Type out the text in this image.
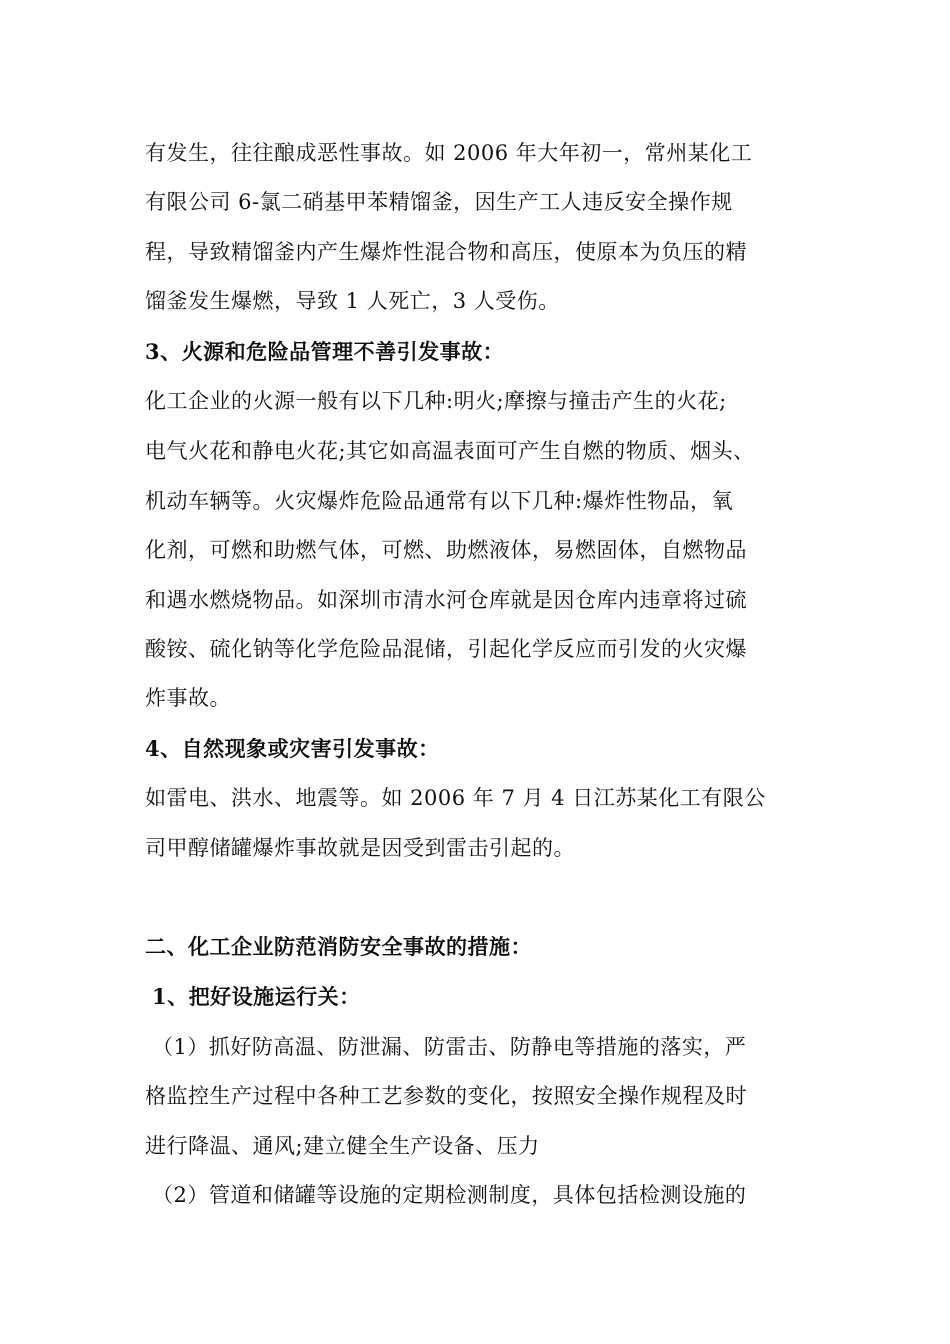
有发生，往往酿成恶性事故。如 2006 年大年初一，常州某化工
有限公司 6-氯二硝基甲苯精馏釜，因生产工人违反安全操作规
程，导致精馏釜内产生爆炸性混合物和高压，使原本为负压的精
馏釜发生爆燃，导致 1 人死亡，3 人受伤。
3、火源和危险品管理不善引发事故：
化工企业的火源一般有以下几种:明火;摩擦与撞击产生的火花;
电气火花和静电火花;其它如高温表面可产生自燃的物质、烟头、
机动车辆等。火灾爆炸危险品通常有以下几种:爆炸性物品，氧
化剂，可燃和助燃气体，可燃、助燃液体，易燃固体，自燃物品
和遇水燃烧物品。如深圳市清水河仓库就是因仓库内违章将过硫
酸铵、硫化钠等化学危险品混储，引起化学反应而引发的火灾爆
炸事故。
4、自然现象或灾害引发事故：
如雷电、洪水、地震等。如 2006 年 7 月 4 日江苏某化工有限公
司甲醇储罐爆炸事故就是因受到雷击引起的。
二、化工企业防范消防安全事故的措施：
1、把好设施运行关：
（1）抓好防高温、防泄漏、防雷击、防静电等措施的落实，严
格监控生产过程中各种工艺参数的变化，按照安全操作规程及时
进行降温、通风;建立健全生产设备、压力
（2）管道和储罐等设施的定期检测制度，具体包括检测设施的
